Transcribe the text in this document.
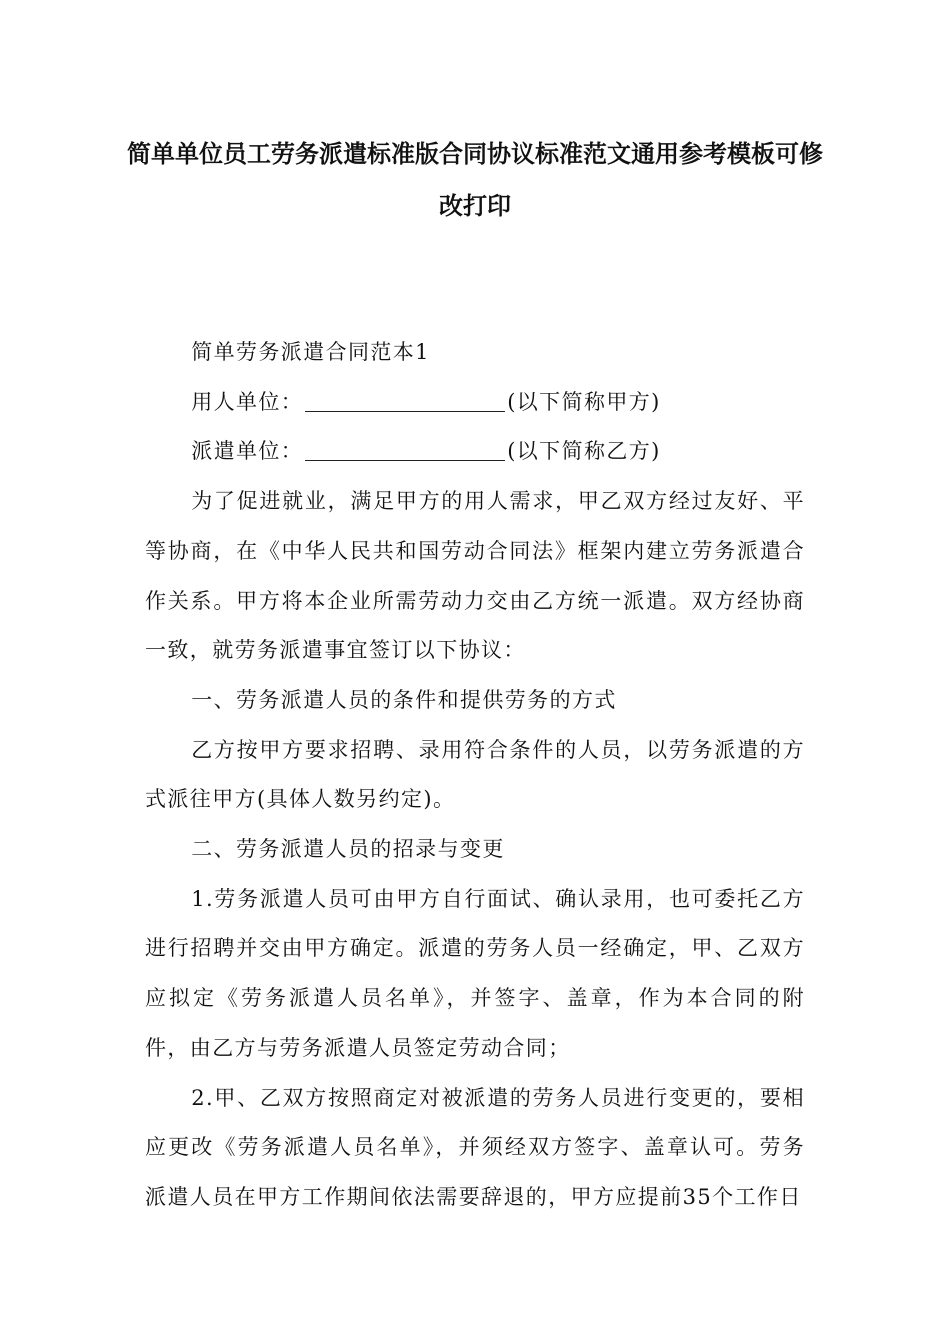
简单单位员工劳务派遣标准版合同协议标准范文通用参考模板可修改打印

简单劳务派遣合同范本1

用人单位：	(以下简称甲方)

派遣单位：	(以下简称乙方)

为了促进就业，满足甲方的用人需求，甲乙双方经过友好、平等协商，在《中华人民共和国劳动合同法》框架内建立劳务派遣合作关系。甲方将本企业所需劳动力交由乙方统一派遣。双方经协商一致，就劳务派遣事宜签订以下协议：

一、劳务派遣人员的条件和提供劳务的方式

乙方按甲方要求招聘、录用符合条件的人员，以劳务派遣的方式派往甲方(具体人数另约定)。

二、劳务派遣人员的招录与变更

1.劳务派遣人员可由甲方自行面试、确认录用，也可委托乙方进行招聘并交由甲方确定。派遣的劳务人员一经确定，甲、乙双方应拟定《劳务派遣人员名单》，并签字、盖章，作为本合同的附件，由乙方与劳务派遣人员签定劳动合同；

2.甲、乙双方按照商定对被派遣的劳务人员进行变更的，要相应更改《劳务派遣人员名单》，并须经双方签字、盖章认可。劳务派遣人员在甲方工作期间依法需要辞退的，甲方应提前35个工作日
